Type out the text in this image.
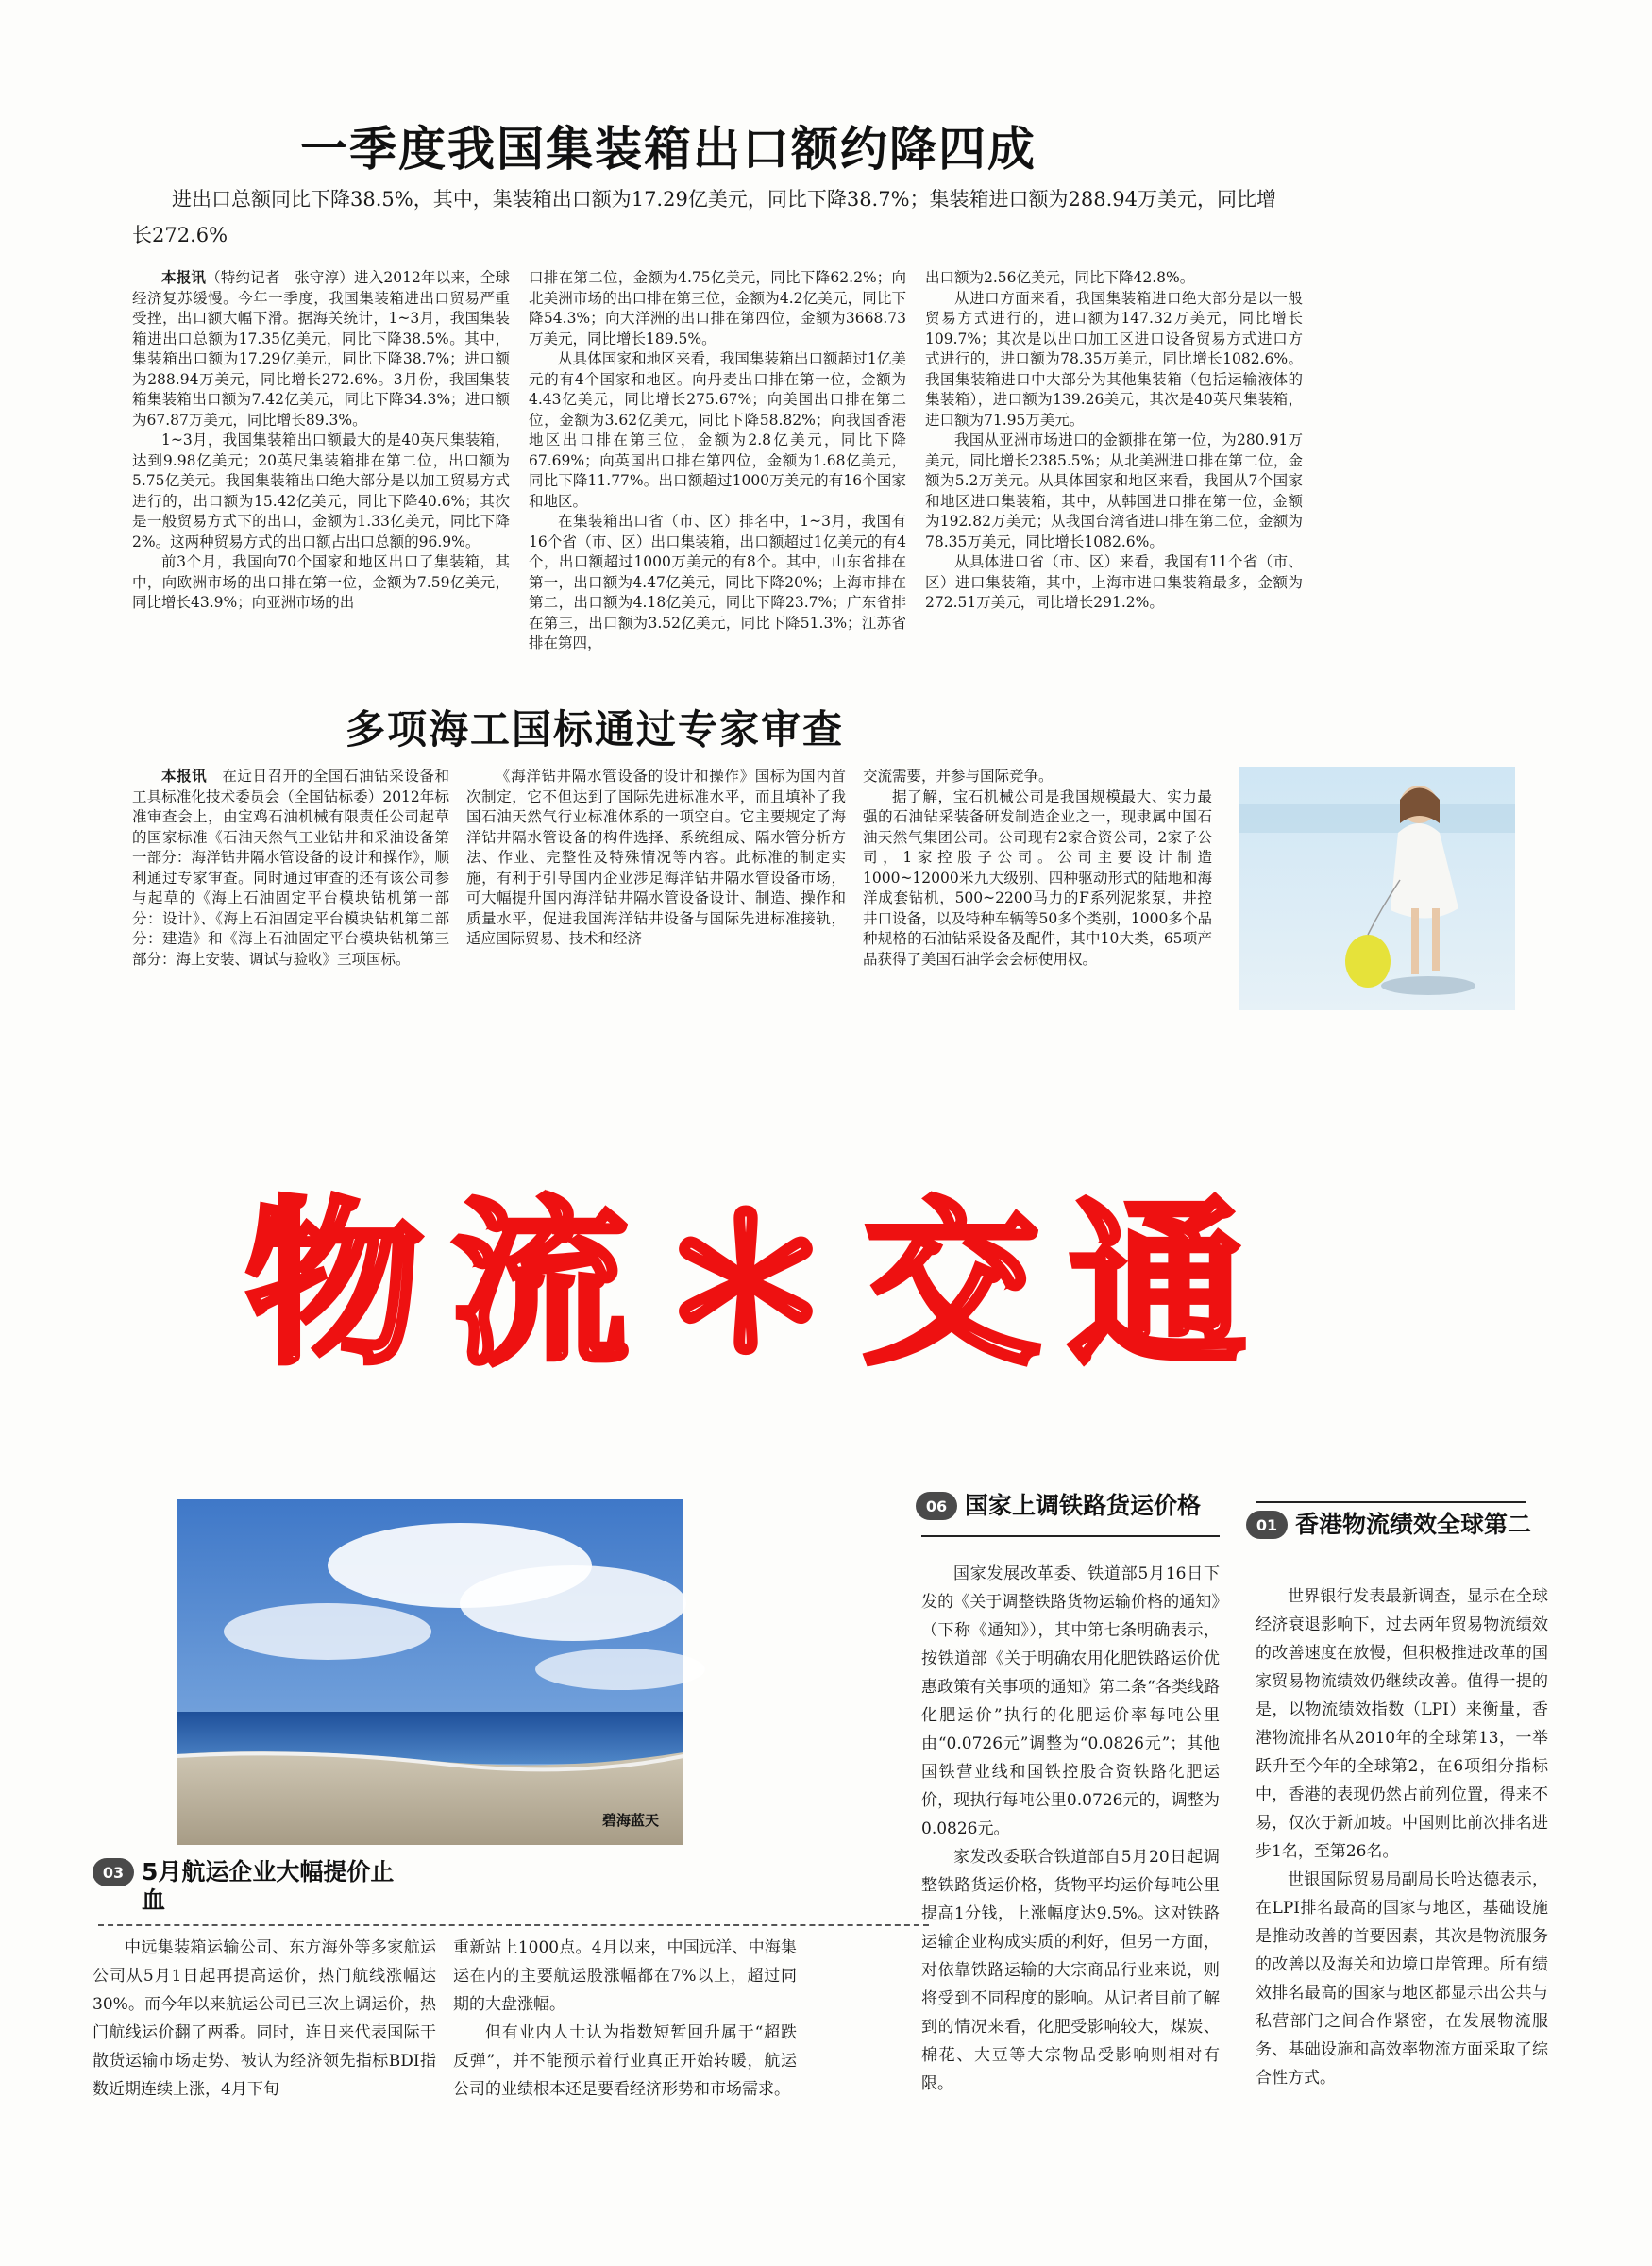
一季度我国集装箱出口额约降四成
进出口总额同比下降38.5%，其中，集装箱出口额为17.29亿美元，同比下降38.7%；集装箱进口额为288.94万美元，同比增长272.6%

本报讯（特约记者　张守淳）进入2012年以来，全球经济复苏缓慢。今年一季度，我国集装箱进出口贸易严重受挫，出口额大幅下滑。据海关统计，1~3月，我国集装箱进出口总额为17.35亿美元，同比下降38.5%。其中，集装箱出口额为17.29亿美元，同比下降38.7%；进口额为288.94万美元，同比增长272.6%。3月份，我国集装箱集装箱出口额为7.42亿美元，同比下降34.3%；进口额为67.87万美元，同比增长89.3%。

1~3月，我国集装箱出口额最大的是40英尺集装箱，达到9.98亿美元；20英尺集装箱排在第二位，出口额为5.75亿美元。我国集装箱出口绝大部分是以加工贸易方式进行的，出口额为15.42亿美元，同比下降40.6%；其次是一般贸易方式下的出口，金额为1.33亿美元，同比下降2%。这两种贸易方式的出口额占出口总额的96.9%。

前3个月，我国向70个国家和地区出口了集装箱，其中，向欧洲市场的出口排在第一位，金额为7.59亿美元，同比增长43.9%；向亚洲市场的出

口排在第二位，金额为4.75亿美元，同比下降62.2%；向北美洲市场的出口排在第三位，金额为4.2亿美元，同比下降54.3%；向大洋洲的出口排在第四位，金额为3668.73万美元，同比增长189.5%。

从具体国家和地区来看，我国集装箱出口额超过1亿美元的有4个国家和地区。向丹麦出口排在第一位，金额为4.43亿美元，同比增长275.67%；向美国出口排在第二位，金额为3.62亿美元，同比下降58.82%；向我国香港地区出口排在第三位，金额为2.8亿美元，同比下降67.69%；向英国出口排在第四位，金额为1.68亿美元，同比下降11.77%。出口额超过1000万美元的有16个国家和地区。

在集装箱出口省（市、区）排名中，1~3月，我国有16个省（市、区）出口集装箱，出口额超过1亿美元的有4个，出口额超过1000万美元的有8个。其中，山东省排在第一，出口额为4.47亿美元，同比下降20%；上海市排在第二，出口额为4.18亿美元，同比下降23.7%；广东省排在第三，出口额为3.52亿美元，同比下降51.3%；江苏省排在第四，

出口额为2.56亿美元，同比下降42.8%。

从进口方面来看，我国集装箱进口绝大部分是以一般贸易方式进行的，进口额为147.32万美元，同比增长109.7%；其次是以出口加工区进口设备贸易方式进口方式进行的，进口额为78.35万美元，同比增长1082.6%。我国集装箱进口中大部分为其他集装箱（包括运输液体的集装箱），进口额为139.26美元，其次是40英尺集装箱，进口额为71.95万美元。

我国从亚洲市场进口的金额排在第一位，为280.91万美元，同比增长2385.5%；从北美洲进口排在第二位，金额为5.2万美元。从具体国家和地区来看，我国从7个国家和地区进口集装箱，其中，从韩国进口排在第一位，金额为192.82万美元；从我国台湾省进口排在第二位，金额为78.35万美元，同比增长1082.6%。

从具体进口省（市、区）来看，我国有11个省（市、区）进口集装箱，其中，上海市进口集装箱最多，金额为272.51万美元，同比增长291.2%。

多项海工国标通过专家审查

本报讯　 在近日召开的全国石油钻采设备和工具标准化技术委员会（全国钻标委）2012年标准审查会上，由宝鸡石油机械有限责任公司起草的国家标准《石油天然气工业钻井和采油设备第一部分：海洋钻井隔水管设备的设计和操作》，顺利通过专家审查。同时通过审查的还有该公司参与起草的《海上石油固定平台模块钻机第一部分：设计》、《海上石油固定平台模块钻机第二部分：建造》和《海上石油固定平台模块钻机第三部分：海上安装、调试与验收》三项国标。

《海洋钻井隔水管设备的设计和操作》国标为国内首次制定，它不但达到了国际先进标准水平，而且填补了我国石油天然气行业标准体系的一项空白。它主要规定了海洋钻井隔水管设备的构件选择、系统组成、隔水管分析方法、作业、完整性及特殊情况等内容。此标准的制定实施，有利于引导国内企业涉足海洋钻井隔水管设备市场，可大幅提升国内海洋钻井隔水管设备设计、制造、操作和质量水平，促进我国海洋钻井设备与国际先进标准接轨，适应国际贸易、技术和经济

交流需要，并参与国际竞争。

据了解，宝石机械公司是我国规模最大、实力最强的石油钻采装备研发制造企业之一，现隶属中国石油天然气集团公司。公司现有2家合资公司，2家子公司，1家控股子公司。公司主要设计制造1000~12000米九大级别、四种驱动形式的陆地和海洋成套钻机，500~2200马力的F系列泥浆泵，井控井口设备，以及特种车辆等50多个类别，1000多个品种规格的石油钻采设备及配件，其中10大类，65项产品获得了美国石油学会会标使用权。

物流＊交通
碧海蓝天
03 5月航运企业大幅提价止血

中远集装箱运输公司、东方海外等多家航运公司从5月1日起再提高运价，热门航线涨幅达30%。而今年以来航运公司已三次上调运价，热门航线运价翻了两番。同时，连日来代表国际干散货运输市场走势、被认为经济领先指标BDI指数近期连续上涨，4月下旬

重新站上1000点。4月以来，中国远洋、中海集运在内的主要航运股涨幅都在7%以上，超过同期的大盘涨幅。

但有业内人士认为指数短暂回升属于“超跌反弹”，并不能预示着行业真正开始转暖，航运公司的业绩根本还是要看经济形势和市场需求。

06 国家上调铁路货运价格

国家发展改革委、铁道部5月16日下发的《关于调整铁路货物运输价格的通知》（下称《通知》），其中第七条明确表示，按铁道部《关于明确农用化肥铁路运价优惠政策有关事项的通知》第二条“各类线路化肥运价”执行的化肥运价率每吨公里由“0.0726元”调整为“0.0826元”；其他国铁营业线和国铁控股合资铁路化肥运价，现执行每吨公里0.0726元的，调整为0.0826元。

家发改委联合铁道部自5月20日起调整铁路货运价格，货物平均运价每吨公里提高1分钱，上涨幅度达9.5%。这对铁路运输企业构成实质的利好，但另一方面，对依靠铁路运输的大宗商品行业来说，则将受到不同程度的影响。从记者目前了解到的情况来看，化肥受影响较大，煤炭、棉花、大豆等大宗物品受影响则相对有限。

01 香港物流绩效全球第二

世界银行发表最新调查，显示在全球经济衰退影响下，过去两年贸易物流绩效的改善速度在放慢，但积极推进改革的国家贸易物流绩效仍继续改善。值得一提的是，以物流绩效指数（LPI）来衡量，香港物流排名从2010年的全球第13，一举跃升至今年的全球第2，在6项细分指标中，香港的表现仍然占前列位置，得来不易，仅次于新加坡。中国则比前次排名进步1名，至第26名。

世银国际贸易局副局长哈达德表示，在LPI排名最高的国家与地区，基础设施是推动改善的首要因素，其次是物流服务的改善以及海关和边境口岸管理。所有绩效排名最高的国家与地区都显示出公共与私营部门之间合作紧密，在发展物流服务、基础设施和高效率物流方面采取了综合性方式。
